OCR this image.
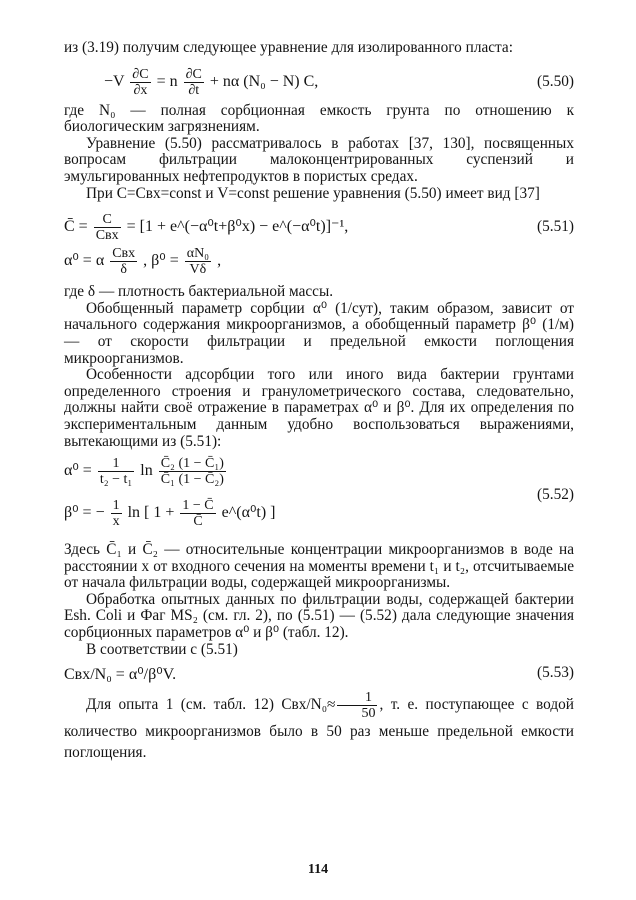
из (3.19) получим следующее уравнение для изолированного пласта:

$-V \frac{\partial C}{\partial x} = n \frac{\partial C}{\partial t} + n\alpha$ (N₀ − N) C,	(5.50)

где N₀ — полная сорбционная емкость грунта по отношению к биологическим загрязнениям.

Уравнение (5.50) рассматривалось в работах [37, 130], посвященных вопросам фильтрации малоконцентрированных суспензий и эмульгированных нефтепродуктов в пористых средах.

При C=Cвх=const и V=const решение уравнения (5.50) имеет вид [37]

C̄ = $\frac{C}{\text{Cвх}} = [1$ + e^(−α⁰t+β⁰x) − e^(−α⁰t)]⁻¹,	(5.51)
α⁰ = α $\frac{\text{Cвх}}{\delta}$ , $\beta^0 = \frac{\text{αN₀}}{V\delta}$ ,

где δ — плотность бактериальной массы.

Обобщенный параметр сорбции α⁰ (1/сут), таким образом, зависит от начального содержания микроорганизмов, а обобщенный параметр β⁰ (1/м) — от скорости фильтрации и предельной емкости поглощения микроорганизмов.

Особенности адсорбции того или иного вида бактерии грунтами определенного строения и гранулометрического состава, следовательно, должны найти своё отражение в параметрах α⁰ и β⁰. Для их определения по экспериментальным данным удобно воспользоваться выражениями, вытекающими из (5.51):

$\alpha^0 = \frac{1}{\text{t₂ − t₁}}$ $\ln \frac{\text{C̄₂ (1 − C̄₁)}}{\text{C̄₁ (1 − C̄₂)}}$
β⁰ = − $\frac{1}{x}$ ln [ $1 + \frac{1 - C̄}{C̄}$ e^(α⁰t) ]
(5.52)

Здесь C̄₁ и C̄₂ — относительные концентрации микроорганизмов в воде на расстоянии x от входного сечения на моменты времени t₁ и t₂, отсчитываемые от начала фильтрации воды, содержащей микроорганизмы.

Обработка опытных данных по фильтрации воды, содержащей бактерии Esh. Coli и Фаг MS₂ (см. гл. 2), по (5.51) — (5.52) дала следующие значения сорбционных параметров α⁰ и β⁰ (табл. 12).

В соответствии с (5.51)

Cвх/N₀ = α⁰/β⁰V.	(5.53)

Для опыта 1 (см. табл. 12) $Cвх/N_0\approx \frac{1}{50}$ , т. е. поступающее с водой количество микроорганизмов было в 50 раз меньше предельной емкости поглощения.

114
